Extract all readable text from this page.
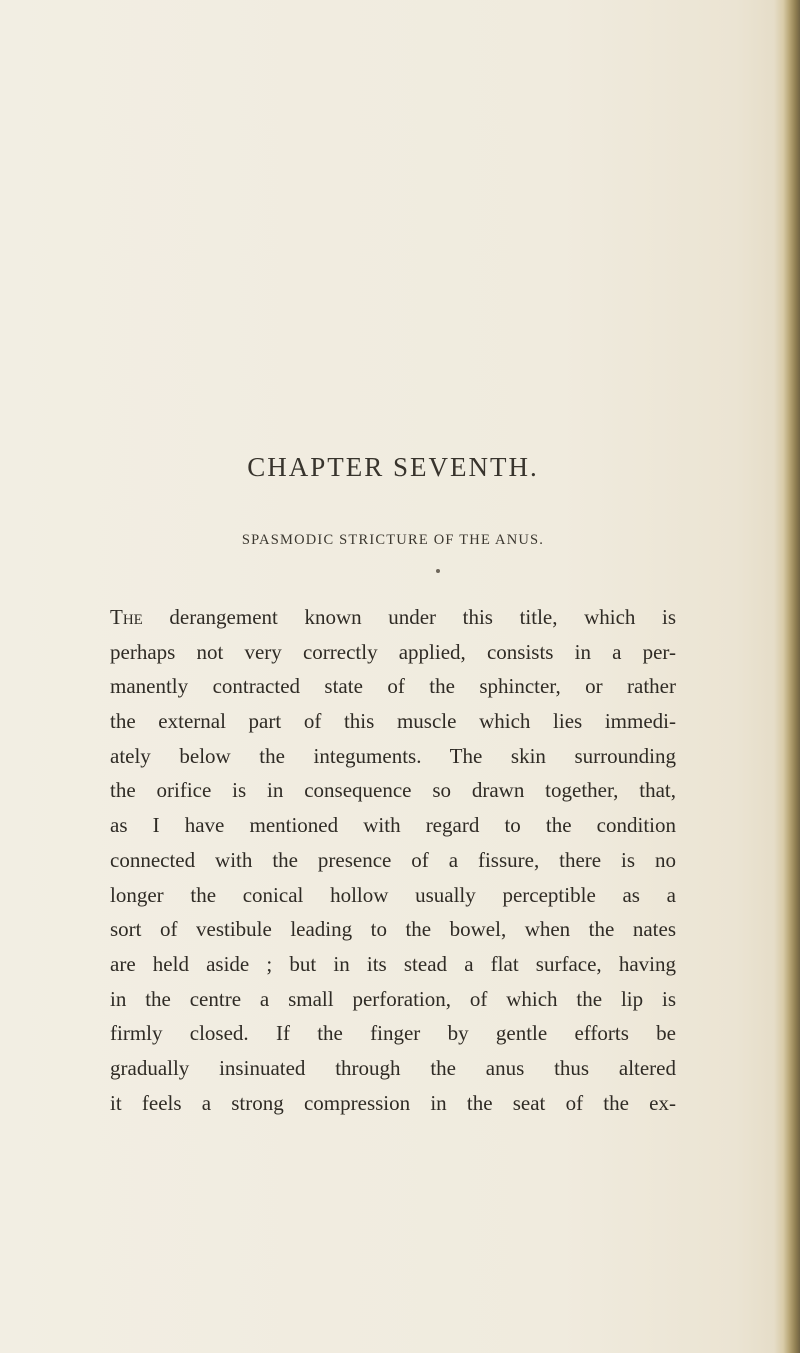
CHAPTER SEVENTH.
SPASMODIC STRICTURE OF THE ANUS.
The derangement known under this title, which is
perhaps not very correctly applied, consists in a per-
manently contracted state of the sphincter, or rather
the external part of this muscle which lies immedi-
ately below the integuments. The skin surrounding
the orifice is in consequence so drawn together, that,
as I have mentioned with regard to the condition
connected with the presence of a fissure, there is no
longer the conical hollow usually perceptible as a
sort of vestibule leading to the bowel, when the nates
are held aside ; but in its stead a flat surface, having
in the centre a small perforation, of which the lip is
firmly closed. If the finger by gentle efforts be
gradually insinuated through the anus thus altered
it feels a strong compression in the seat of the ex-
